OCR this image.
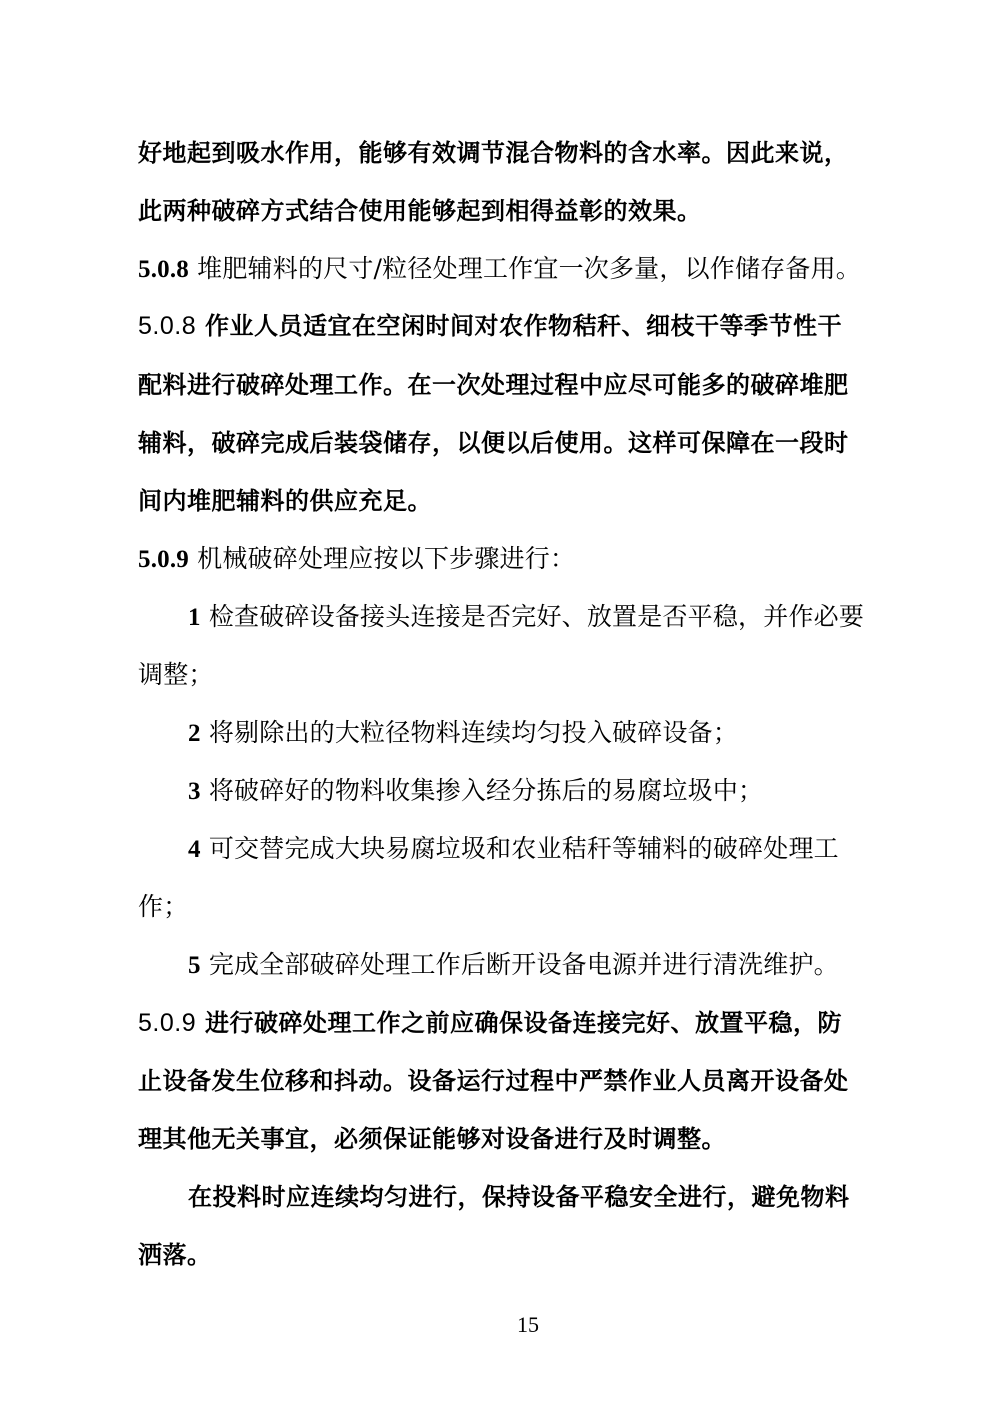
好地起到吸水作用，能够有效调节混合物料的含水率。因此来说，
此两种破碎方式结合使用能够起到相得益彰的效果。
5.0.8 堆肥辅料的尺寸/粒径处理工作宜一次多量，以作储存备用。
5.0.8 作业人员适宜在空闲时间对农作物秸秆、细枝干等季节性干
配料进行破碎处理工作。在一次处理过程中应尽可能多的破碎堆肥
辅料，破碎完成后装袋储存，以便以后使用。这样可保障在一段时
间内堆肥辅料的供应充足。
5.0.9 机械破碎处理应按以下步骤进行：
1 检查破碎设备接头连接是否完好、放置是否平稳，并作必要
调整；
2 将剔除出的大粒径物料连续均匀投入破碎设备；
3 将破碎好的物料收集掺入经分拣后的易腐垃圾中；
4 可交替完成大块易腐垃圾和农业秸秆等辅料的破碎处理工
作；
5 完成全部破碎处理工作后断开设备电源并进行清洗维护。
5.0.9 进行破碎处理工作之前应确保设备连接完好、放置平稳，防
止设备发生位移和抖动。设备运行过程中严禁作业人员离开设备处
理其他无关事宜，必须保证能够对设备进行及时调整。
在投料时应连续均匀进行，保持设备平稳安全进行，避免物料
洒落。
15
